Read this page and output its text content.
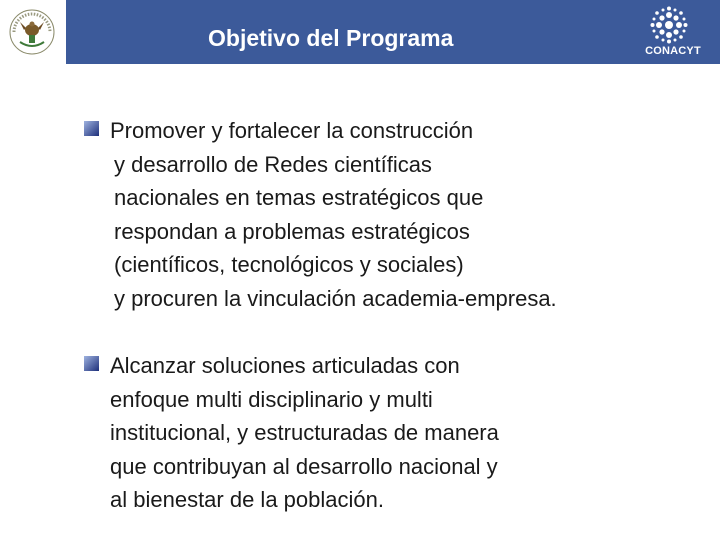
Objetivo del Programa	CONACYT
Promover y fortalecer la construcción
y desarrollo de Redes científicas
nacionales en temas estratégicos que
respondan a problemas estratégicos
(científicos, tecnológicos y sociales)
y procuren la vinculación academia-empresa.
Alcanzar soluciones articuladas con
enfoque multi disciplinario y multi
institucional, y estructuradas de manera
que contribuyan al desarrollo nacional y
al bienestar de la población.
